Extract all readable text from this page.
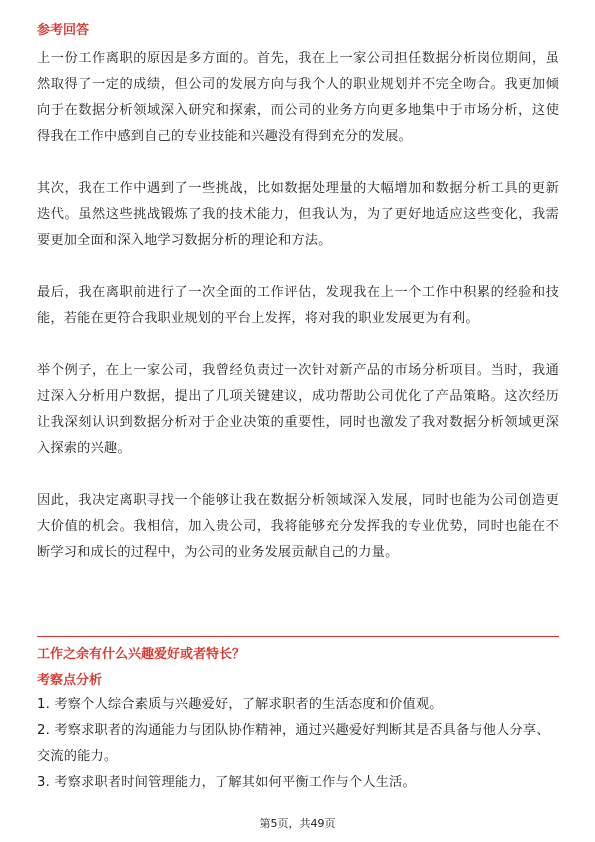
参考回答

上一份工作离职的原因是多方面的。首先，我在上一家公司担任数据分析岗位期间，虽然取得了一定的成绩，但公司的发展方向与我个人的职业规划并不完全吻合。我更加倾向于在数据分析领域深入研究和探索，而公司的业务方向更多地集中于市场分析，这使得我在工作中感到自己的专业技能和兴趣没有得到充分的发展。

其次，我在工作中遇到了一些挑战，比如数据处理量的大幅增加和数据分析工具的更新迭代。虽然这些挑战锻炼了我的技术能力，但我认为，为了更好地适应这些变化，我需要更加全面和深入地学习数据分析的理论和方法。

最后，我在离职前进行了一次全面的工作评估，发现我在上一个工作中积累的经验和技能，若能在更符合我职业规划的平台上发挥，将对我的职业发展更为有利。

举个例子，在上一家公司，我曾经负责过一次针对新产品的市场分析项目。当时，我通过深入分析用户数据，提出了几项关键建议，成功帮助公司优化了产品策略。这次经历让我深刻认识到数据分析对于企业决策的重要性，同时也激发了我对数据分析领域更深入探索的兴趣。

因此，我决定离职寻找一个能够让我在数据分析领域深入发展，同时也能为公司创造更大价值的机会。我相信，加入贵公司，我将能够充分发挥我的专业优势，同时也能在不断学习和成长的过程中，为公司的业务发展贡献自己的力量。

工作之余有什么兴趣爱好或者特长？

考察点分析

1. 考察个人综合素质与兴趣爱好，了解求职者的生活态度和价值观。

2. 考察求职者的沟通能力与团队协作精神，通过兴趣爱好判断其是否具备与他人分享、交流的能力。

3. 考察求职者时间管理能力，了解其如何平衡工作与个人生活。

第5页，共49页
